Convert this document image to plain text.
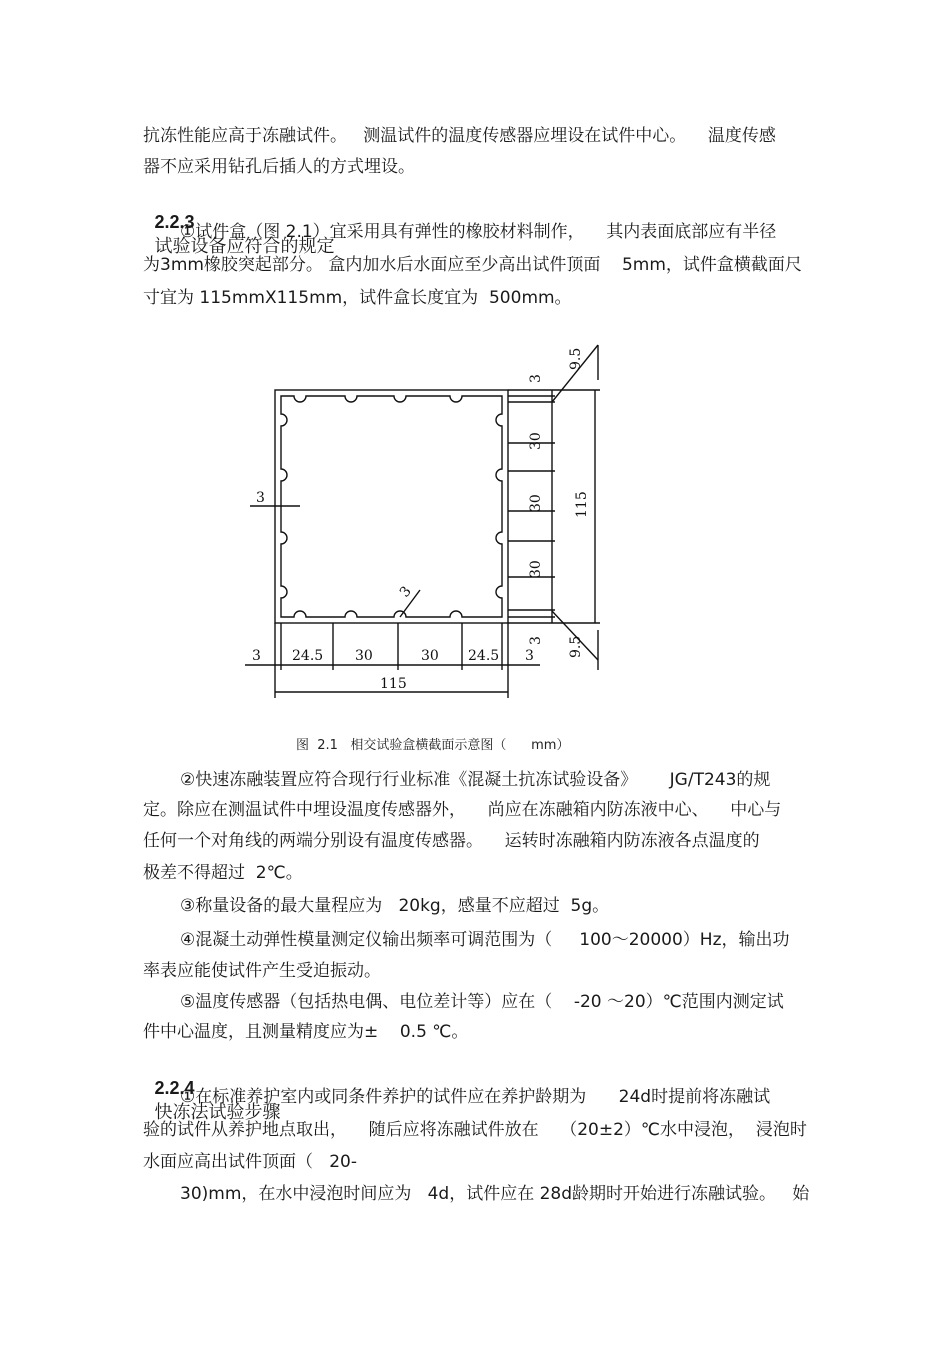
抗冻性能应高于冻融试件。   测温试件的温度传感器应埋设在试件中心。    温度传感
器不应采用钻孔后插人的方式埋设。

2.2.3
试验设备应符合的规定

①试件盒（图 2.1）宜采用具有弹性的橡胶材料制作，    其内表面底部应有半径
为3mm橡胶突起部分。 盒内加水后水面应至少高出试件顶面    5mm，试件盒横截面尺
寸宜为 115mmX115mm，试件盒长度宜为  500mm。
3
3
3 24.5 30	30 24.5 3
115
3
30
30
30
3
9.5
9.5
115
图  2.1   相交试验盒横截面示意图（      mm）
②快速冻融装置应符合现行行业标准《混凝土抗冻试验设备》      JG/T243的规
定。除应在测温试件中埋设温度传感器外，    尚应在冻融箱内防冻液中心、    中心与
任何一个对角线的两端分别设有温度传感器。    运转时冻融箱内防冻液各点温度的
极差不得超过  2℃。
③称量设备的最大量程应为   20kg，感量不应超过  5g。
④混凝土动弹性模量测定仪输出频率可调范围为（     100～20000）Hz，输出功
率表应能使试件产生受迫振动。
⑤温度传感器（包括热电偶、电位差计等）应在（    -20 ～20）℃范围内测定试
件中心温度，且测量精度应为±    0.5 ℃。

2.2.4
快冻法试验步骤

①在标准养护室内或同条件养护的试件应在养护龄期为      24d时提前将冻融试
验的试件从养护地点取出，    随后应将冻融试件放在    （20±2）℃水中浸泡，  浸泡时
水面应高出试件顶面（   20-
30)mm，在水中浸泡时间应为   4d，试件应在 28d龄期时开始进行冻融试验。   始
